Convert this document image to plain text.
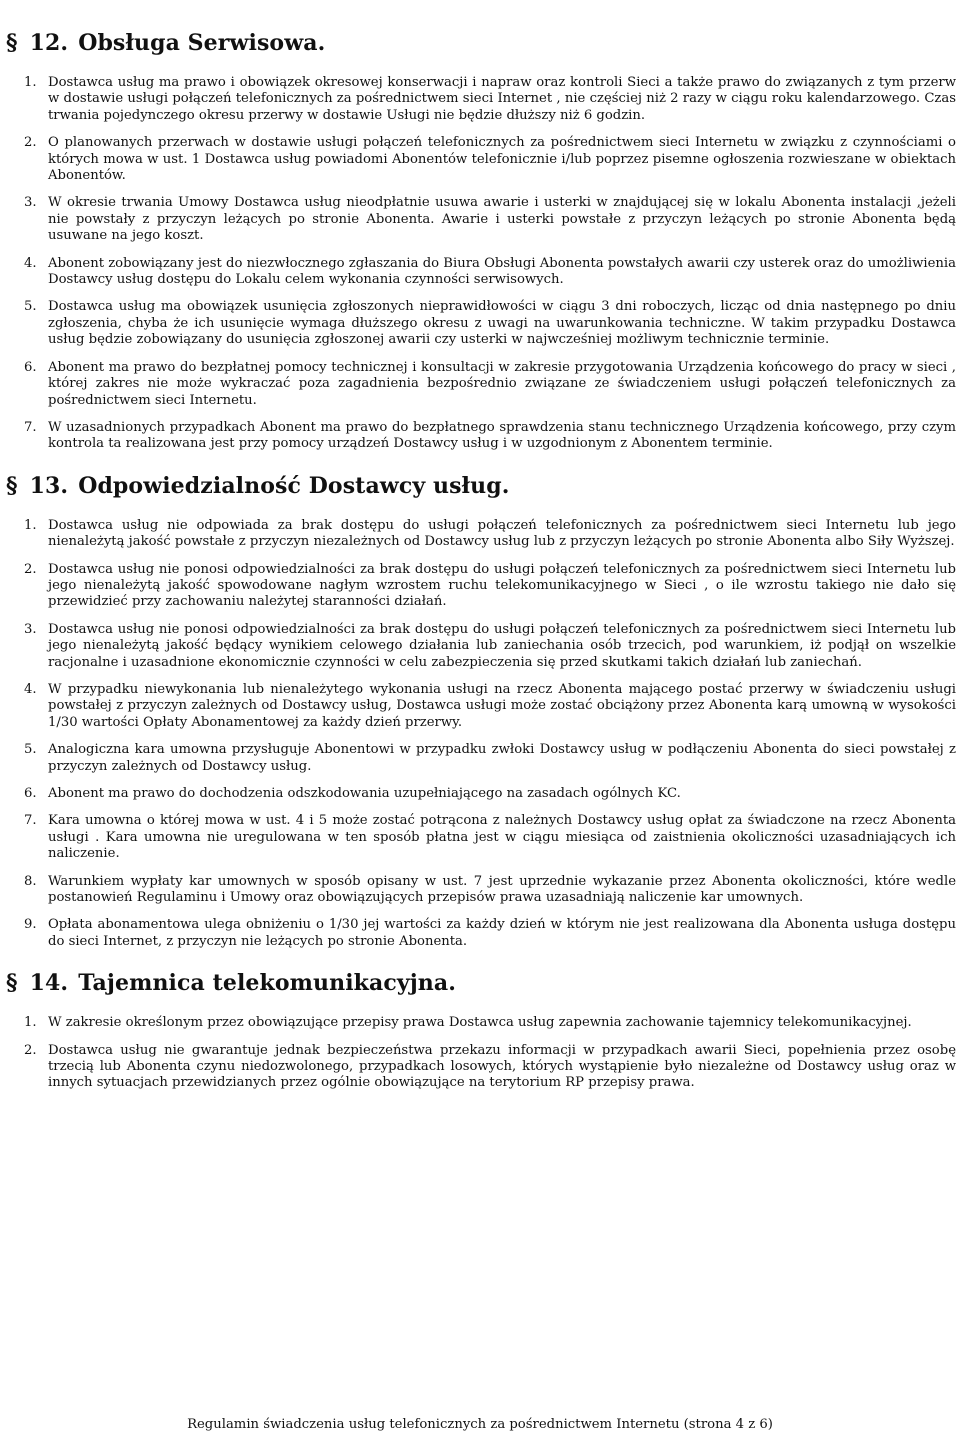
§ 12. Obsługa Serwisowa.
1. Dostawca usług ma prawo i obowiązek okresowej konserwacji i napraw oraz kontroli Sieci a także prawo do związanych z tym przerw w dostawie usługi połączeń telefonicznych za pośrednictwem sieci Internet , nie częściej niż 2 razy w ciągu roku kalendarzowego. Czas trwania pojedynczego okresu przerwy w dostawie Usługi nie będzie dłuższy niż 6 godzin.
2. O planowanych przerwach w dostawie usługi połączeń telefonicznych za pośrednictwem sieci Internetu w związku z czynnościami o których mowa w ust. 1 Dostawca usług powiadomi Abonentów telefonicznie i/lub poprzez pisemne ogłoszenia rozwieszane w obiektach Abonentów.
3. W okresie trwania Umowy Dostawca usług nieodpłatnie usuwa awarie i usterki w znajdującej się w lokalu Abonenta instalacji ,jeżeli nie powstały z przyczyn leżących po stronie Abonenta. Awarie i usterki powstałe z przyczyn leżących po stronie Abonenta będą usuwane na jego koszt.
4. Abonent zobowiązany jest do niezwłocznego zgłaszania do Biura Obsługi Abonenta powstałych awarii czy usterek oraz do umożliwienia Dostawcy usług dostępu do Lokalu celem wykonania czynności serwisowych.
5. Dostawca usług ma obowiązek usunięcia zgłoszonych nieprawidłowości w ciągu 3 dni roboczych, licząc od dnia następnego po dniu zgłoszenia, chyba że ich usunięcie wymaga dłuższego okresu z uwagi na uwarunkowania techniczne. W takim przypadku Dostawca usług będzie zobowiązany do usunięcia zgłoszonej awarii czy usterki w najwcześniej możliwym technicznie terminie.
6. Abonent ma prawo do bezpłatnej pomocy technicznej i konsultacji w zakresie przygotowania Urządzenia końcowego do pracy w sieci , której zakres nie może wykraczać poza zagadnienia bezpośrednio związane ze świadczeniem usługi połączeń telefonicznych za pośrednictwem sieci Internetu.
7. W uzasadnionych przypadkach Abonent ma prawo do bezpłatnego sprawdzenia stanu technicznego Urządzenia końcowego, przy czym kontrola ta realizowana jest przy pomocy urządzeń Dostawcy usług i w uzgodnionym z Abonentem terminie.
§ 13. Odpowiedzialność Dostawcy usług.
1. Dostawca usług nie odpowiada za brak dostępu do usługi połączeń telefonicznych za pośrednictwem sieci Internetu lub jego nienależytą jakość powstałe z przyczyn niezależnych od Dostawcy usług lub z przyczyn leżących po stronie Abonenta albo Siły Wyższej.
2. Dostawca usług nie ponosi odpowiedzialności za brak dostępu do usługi połączeń telefonicznych za pośrednictwem sieci Internetu lub jego nienależytą jakość spowodowane nagłym wzrostem ruchu telekomunikacyjnego w Sieci , o ile wzrostu takiego nie dało się przewidzieć przy zachowaniu należytej staranności działań.
3. Dostawca usług nie ponosi odpowiedzialności za brak dostępu do usługi połączeń telefonicznych za pośrednictwem sieci Internetu lub jego nienależytą jakość będący wynikiem celowego działania lub zaniechania osób trzecich, pod warunkiem, iż podjął on wszelkie racjonalne i uzasadnione ekonomicznie czynności w celu zabezpieczenia się przed skutkami takich działań lub zaniechań.
4. W przypadku niewykonania lub nienależytego wykonania usługi na rzecz Abonenta mającego postać przerwy w świadczeniu usługi powstałej z przyczyn zależnych od Dostawcy usług, Dostawca usługi może zostać obciążony przez Abonenta karą umowną w wysokości 1/30 wartości Opłaty Abonamentowej za każdy dzień przerwy.
5. Analogiczna kara umowna przysługuje Abonentowi w przypadku zwłoki Dostawcy usług w podłączeniu Abonenta do sieci powstałej z przyczyn zależnych od Dostawcy usług.
6. Abonent ma prawo do dochodzenia odszkodowania uzupełniającego na zasadach ogólnych KC.
7. Kara umowna o której mowa w ust. 4 i 5 może zostać potrącona z należnych Dostawcy usług opłat za świadczone na rzecz Abonenta usługi . Kara umowna nie uregulowana w ten sposób płatna jest w ciągu miesiąca od zaistnienia okoliczności uzasadniających ich naliczenie.
8. Warunkiem wypłaty kar umownych w sposób opisany w ust. 7 jest uprzednie wykazanie przez Abonenta okoliczności, które wedle postanowień Regulaminu i Umowy oraz obowiązujących przepisów prawa uzasadniają naliczenie kar umownych.
9. Opłata abonamentowa ulega obniżeniu o 1/30 jej wartości za każdy dzień w którym nie jest realizowana dla Abonenta usługa dostępu do sieci Internet, z przyczyn nie leżących po stronie Abonenta.
§ 14. Tajemnica telekomunikacyjna.
1. W zakresie określonym przez obowiązujące przepisy prawa Dostawca usług zapewnia zachowanie tajemnicy telekomunikacyjnej.
2. Dostawca usług nie gwarantuje jednak bezpieczeństwa przekazu informacji w przypadkach awarii Sieci, popełnienia przez osobę trzecią lub Abonenta czynu niedozwolonego, przypadkach losowych, których wystąpienie było niezależne od Dostawcy usług oraz w innych sytuacjach przewidzianych przez ogólnie obowiązujące na terytorium RP przepisy prawa.
Regulamin świadczenia usług telefonicznych za pośrednictwem Internetu (strona 4 z 6)
